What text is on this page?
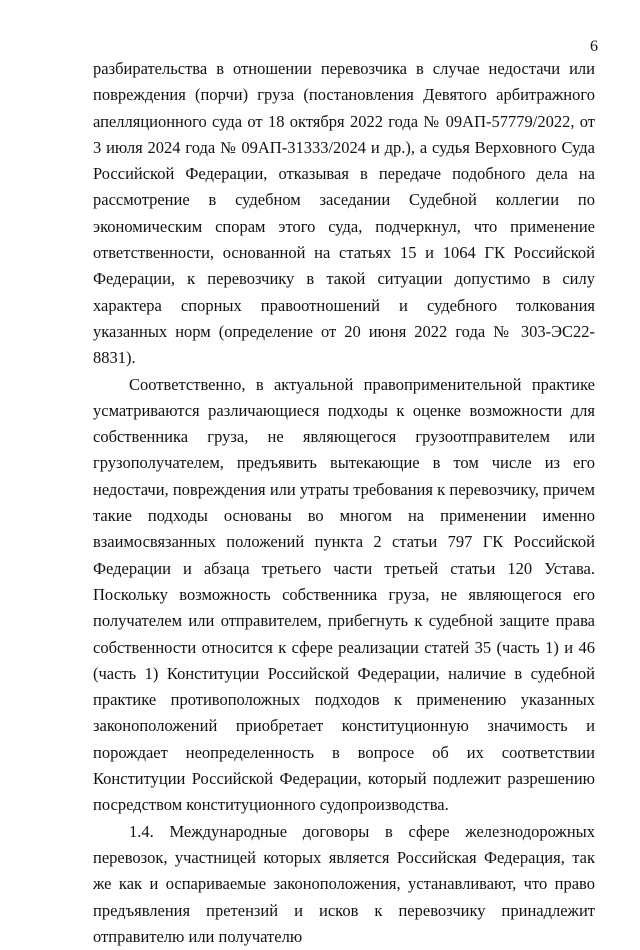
6

разбирательства в отношении перевозчика в случае недостачи или повреждения (порчи) груза (постановления Девятого арбитражного апелляционного суда от 18 октября 2022 года № 09АП-57779/2022, от 3 июля 2024 года № 09АП-31333/2024 и др.), а судья Верховного Суда Российской Федерации, отказывая в передаче подобного дела на рассмотрение в судебном заседании Судебной коллегии по экономическим спорам этого суда, подчеркнул, что применение ответственности, основанной на статьях 15 и 1064 ГК Российской Федерации, к перевозчику в такой ситуации допустимо в силу характера спорных правоотношений и судебного толкования указанных норм (определение от 20 июня 2022 года № 303-ЭС22-8831).

Соответственно, в актуальной правоприменительной практике усматриваются различающиеся подходы к оценке возможности для собственника груза, не являющегося грузоотправителем или грузополучателем, предъявить вытекающие в том числе из его недостачи, повреждения или утраты требования к перевозчику, причем такие подходы основаны во многом на применении именно взаимосвязанных положений пункта 2 статьи 797 ГК Российской Федерации и абзаца третьего части третьей статьи 120 Устава. Поскольку возможность собственника груза, не являющегося его получателем или отправителем, прибегнуть к судебной защите права собственности относится к сфере реализации статей 35 (часть 1) и 46 (часть 1) Конституции Российской Федерации, наличие в судебной практике противоположных подходов к применению указанных законоположений приобретает конституционную значимость и порождает неопределенность в вопросе об их соответствии Конституции Российской Федерации, который подлежит разрешению посредством конституционного судопроизводства.

1.4. Международные договоры в сфере железнодорожных перевозок, участницей которых является Российская Федерация, так же как и оспариваемые законоположения, устанавливают, что право предъявления претензий и исков к перевозчику принадлежит отправителю или получателю
